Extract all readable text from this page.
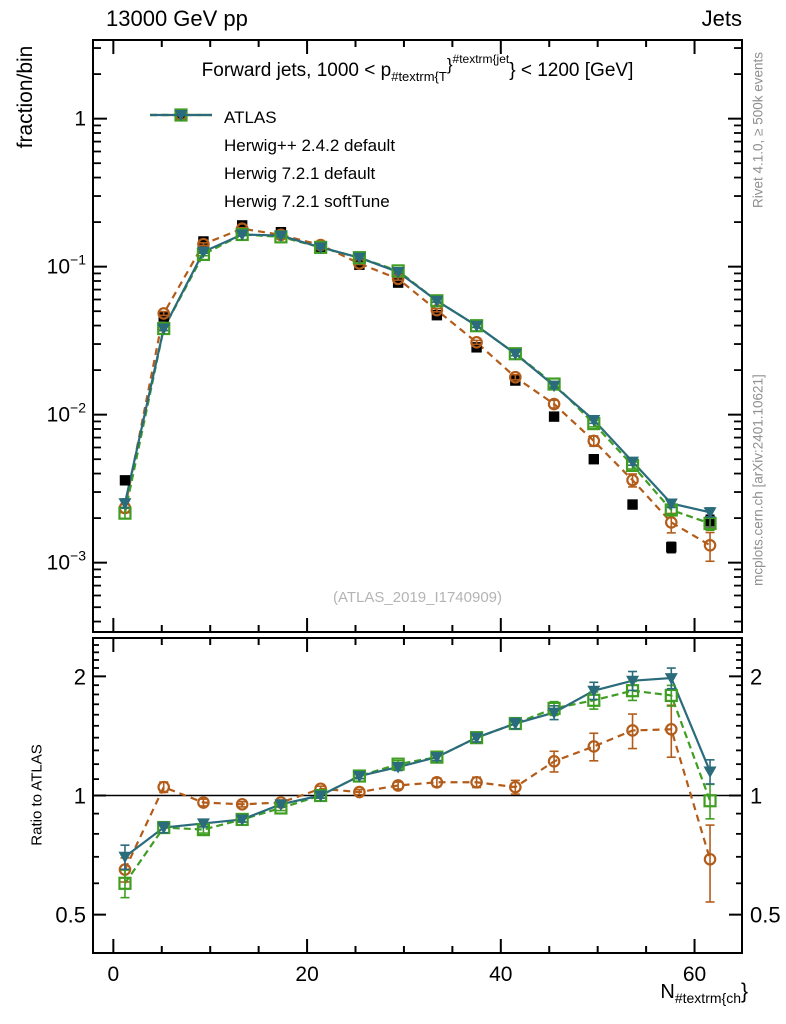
0	20	40	60
1
$10^{-1}$
$10^{-2}$
$10^{-3}$
2	2
1	1
0.5	0.5
13000 GeV pp	Jets
Forward jets, $1000 < p_{\#textrm\{T}\}^{\#textrm\{jet}\} < 1200$ [GeV]
fraction/bin
Ratio to ATLAS
Rivet 4.1.0, ≥ 500k events
mcplots.cern.ch [arXiv:2401.10621]
(ATLAS_2019_I1740909)
ATLAS
Herwig++ 2.4.2 default
Herwig 7.2.1 default
Herwig 7.2.1 softTune
$N_{\#textrm\{ch}$}
